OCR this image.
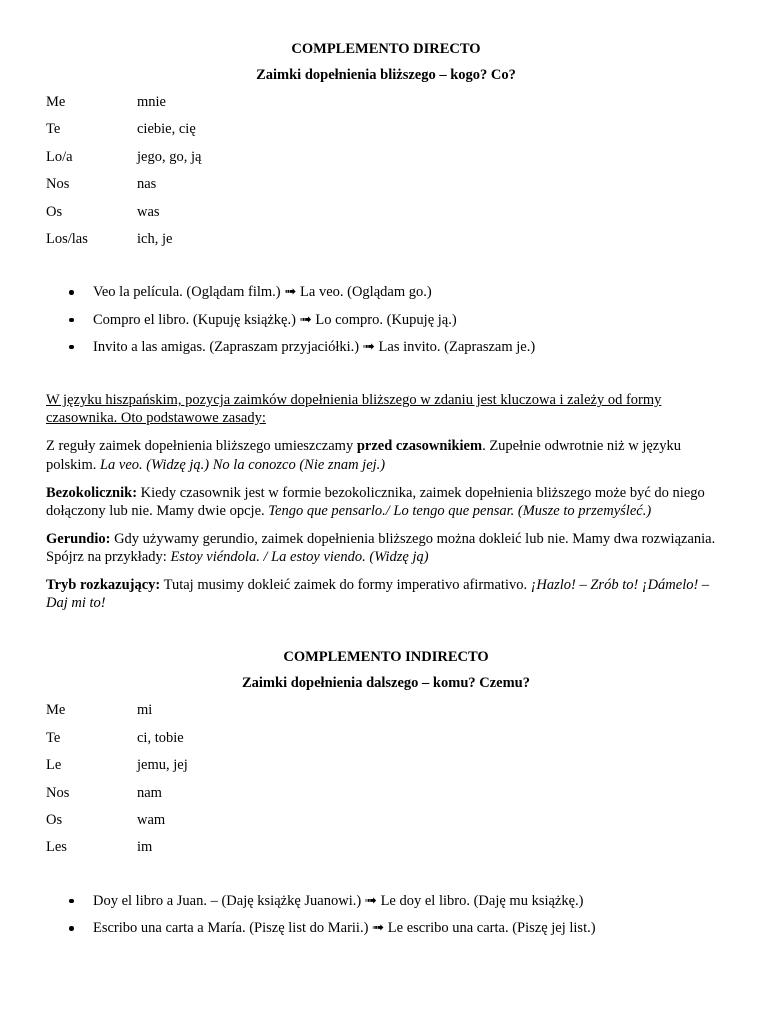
COMPLEMENTO DIRECTO
Zaimki dopełnienia bliższego – kogo? Co?
Me	mnie
Te	ciebie, cię
Lo/a	jego, go, ją
Nos	nas
Os	was
Los/las	ich, je
Veo la película. (Oglądam film.) ➟ La veo. (Oglądam go.)
Compro el libro. (Kupuję książkę.) ➟ Lo compro. (Kupuję ją.)
Invito a las amigas. (Zapraszam przyjaciółki.) ➟ Las invito. (Zapraszam je.)

W języku hiszpańskim, pozycja zaimków dopełnienia bliższego w zdaniu jest kluczowa i zależy od formy czasownika. Oto podstawowe zasady:

Z reguły zaimek dopełnienia bliższego umieszczamy przed czasownikiem. Zupełnie odwrotnie niż w języku polskim. La veo. (Widzę ją.) No la conozco (Nie znam jej.)

Bezokolicznik: Kiedy czasownik jest w formie bezokolicznika, zaimek dopełnienia bliższego może być do niego dołączony lub nie. Mamy dwie opcje. Tengo que pensarlo./ Lo tengo que pensar. (Musze to przemyśleć.)

Gerundio: Gdy używamy gerundio, zaimek dopełnienia bliższego można dokleić lub nie. Mamy dwa rozwiązania. Spójrz na przykłady: Estoy viéndola. / La estoy viendo. (Widzę ją)

Tryb rozkazujący: Tutaj musimy dokleić zaimek do formy imperativo afirmativo. ¡Hazlo! – Zrób to! ¡Dámelo! – Daj mi to!

COMPLEMENTO INDIRECTO
Zaimki dopełnienia dalszego – komu? Czemu?
Me	mi
Te	ci, tobie
Le	jemu, jej
Nos	nam
Os	wam
Les	im
Doy el libro a Juan. – (Daję książkę Juanowi.) ➟ Le doy el libro. (Daję mu książkę.)
Escribo una carta a María. (Piszę list do Marii.) ➟ Le escribo una carta. (Piszę jej list.)
